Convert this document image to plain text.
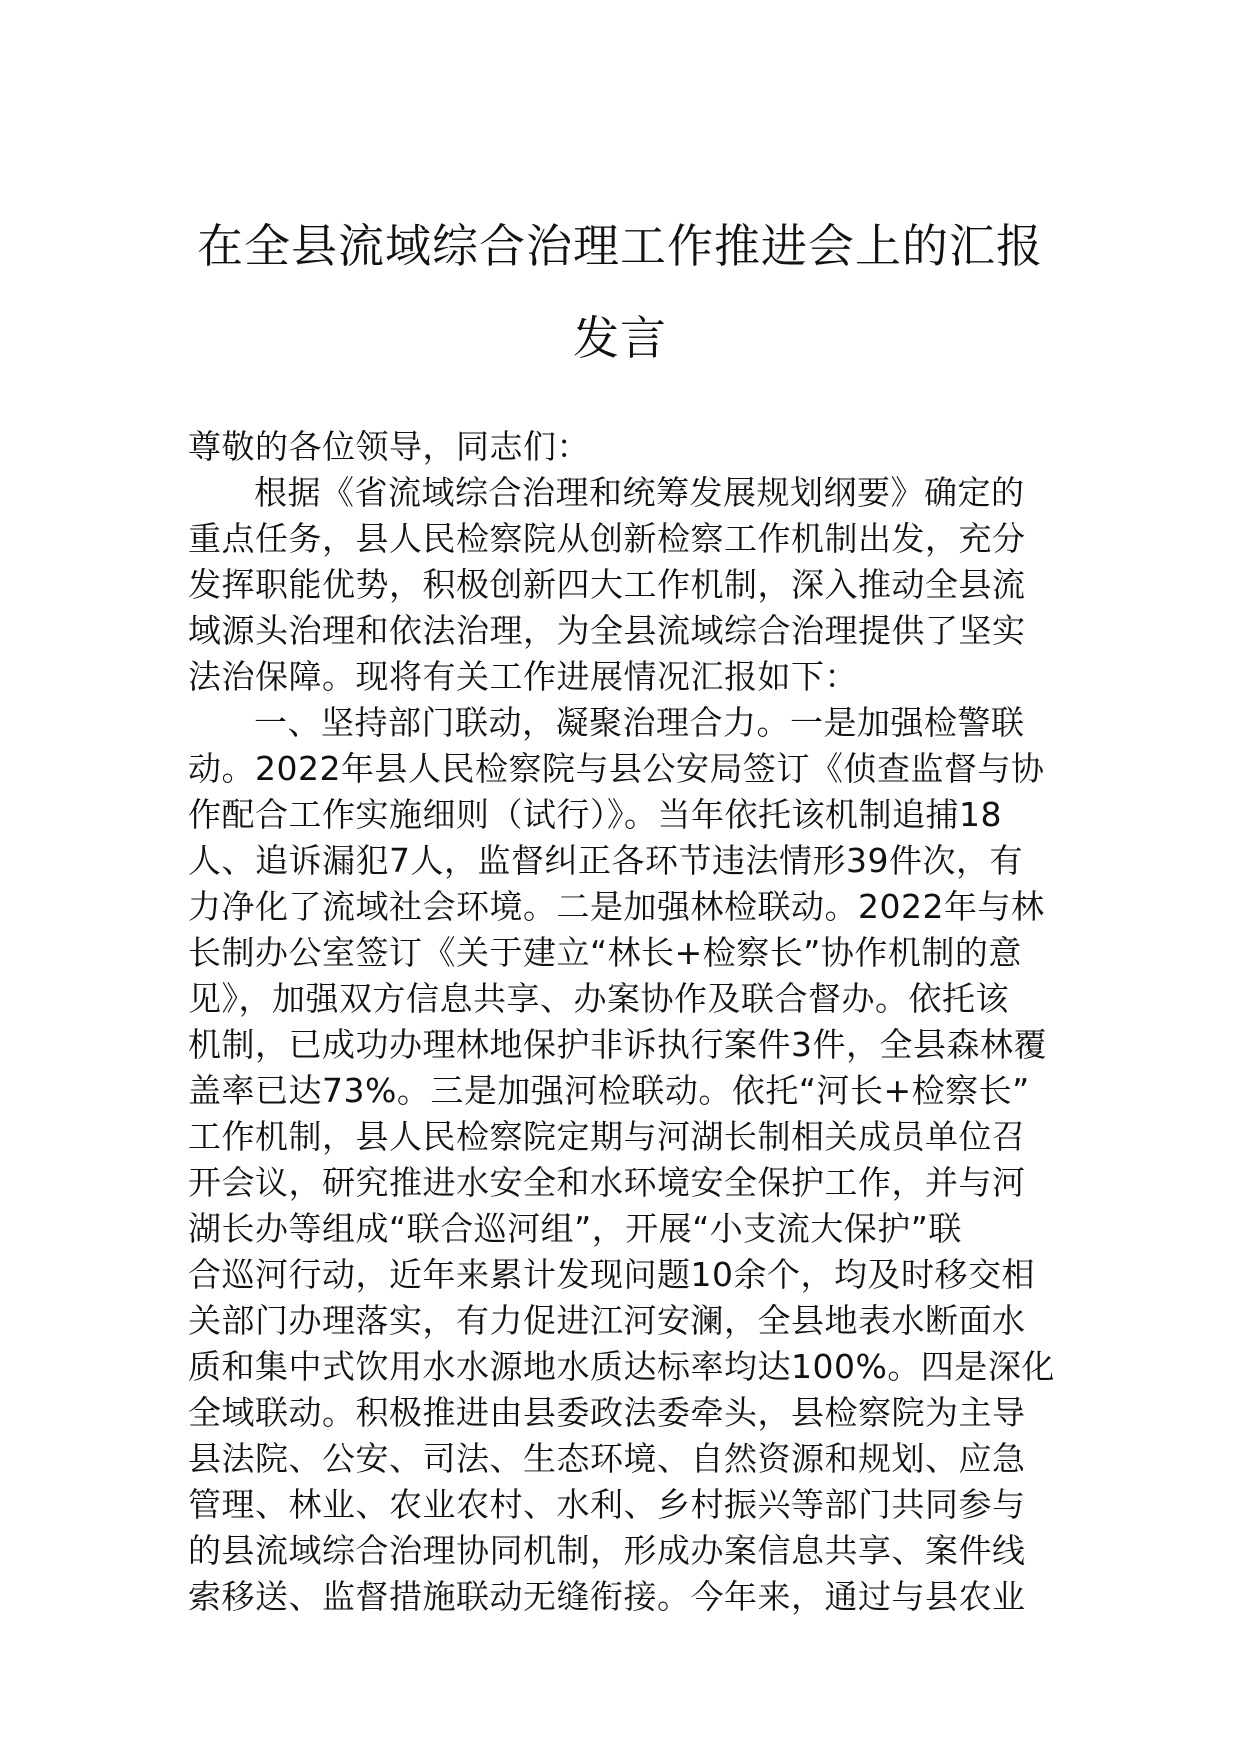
在全县流域综合治理工作推进会上的汇报
发言
尊敬的各位领导，同志们：
根据《省流域综合治理和统筹发展规划纲要》确定的
重点任务，县人民检察院从创新检察工作机制出发，充分
发挥职能优势，积极创新四大工作机制，深入推动全县流
域源头治理和依法治理，为全县流域综合治理提供了坚实
法治保障。现将有关工作进展情况汇报如下：
一、坚持部门联动，凝聚治理合力。一是加强检警联
动。2022年县人民检察院与县公安局签订《侦查监督与协
作配合工作实施细则（试行）》。当年依托该机制追捕18
人、追诉漏犯7人，监督纠正各环节违法情形39件次，有
力净化了流域社会环境。二是加强林检联动。2022年与林
长制办公室签订《关于建立“林长+检察长”协作机制的意
见》，加强双方信息共享、办案协作及联合督办。依托该
机制，已成功办理林地保护非诉执行案件3件，全县森林覆
盖率已达73%。三是加强河检联动。依托“河长+检察长”
工作机制，县人民检察院定期与河湖长制相关成员单位召
开会议，研究推进水安全和水环境安全保护工作，并与河
湖长办等组成“联合巡河组”，开展“小支流大保护”联
合巡河行动，近年来累计发现问题10余个，均及时移交相
关部门办理落实，有力促进江河安澜，全县地表水断面水
质和集中式饮用水水源地水质达标率均达100%。四是深化
全域联动。积极推进由县委政法委牵头，县检察院为主导
县法院、公安、司法、生态环境、自然资源和规划、应急
管理、林业、农业农村、水利、乡村振兴等部门共同参与
的县流域综合治理协同机制，形成办案信息共享、案件线
索移送、监督措施联动无缝衔接。今年来，通过与县农业
